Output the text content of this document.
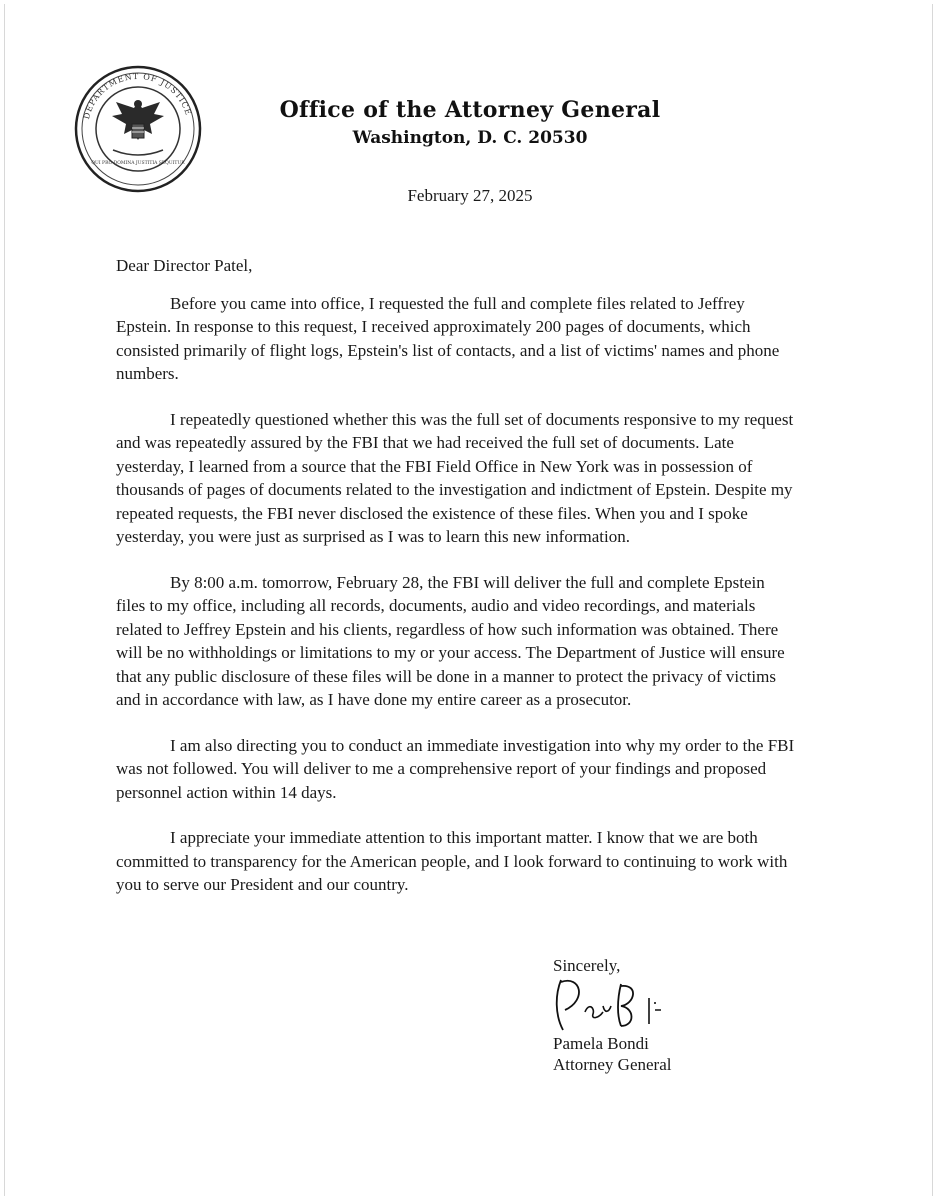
DEPARTMENT OF JUSTICE
QUI PRO DOMINA JUSTITIA SEQUITUR
Office of the Attorney General
Washington, D. C. 20530
February 27, 2025

Dear Director Patel,

Before you came into office, I requested the full and complete files related to Jeffrey Epstein. In response to this request, I received approximately 200 pages of documents, which consisted primarily of flight logs, Epstein's list of contacts, and a list of victims' names and phone numbers.

I repeatedly questioned whether this was the full set of documents responsive to my request and was repeatedly assured by the FBI that we had received the full set of documents. Late yesterday, I learned from a source that the FBI Field Office in New York was in possession of thousands of pages of documents related to the investigation and indictment of Epstein. Despite my repeated requests, the FBI never disclosed the existence of these files. When you and I spoke yesterday, you were just as surprised as I was to learn this new information.

By 8:00 a.m. tomorrow, February 28, the FBI will deliver the full and complete Epstein files to my office, including all records, documents, audio and video recordings, and materials related to Jeffrey Epstein and his clients, regardless of how such information was obtained. There will be no withholdings or limitations to my or your access. The Department of Justice will ensure that any public disclosure of these files will be done in a manner to protect the privacy of victims and in accordance with law, as I have done my entire career as a prosecutor.

I am also directing you to conduct an immediate investigation into why my order to the FBI was not followed. You will deliver to me a comprehensive report of your findings and proposed personnel action within 14 days.

I appreciate your immediate attention to this important matter. I know that we are both committed to transparency for the American people, and I look forward to continuing to work with you to serve our President and our country.

Sincerely,
Pamela Bondi
Attorney General
